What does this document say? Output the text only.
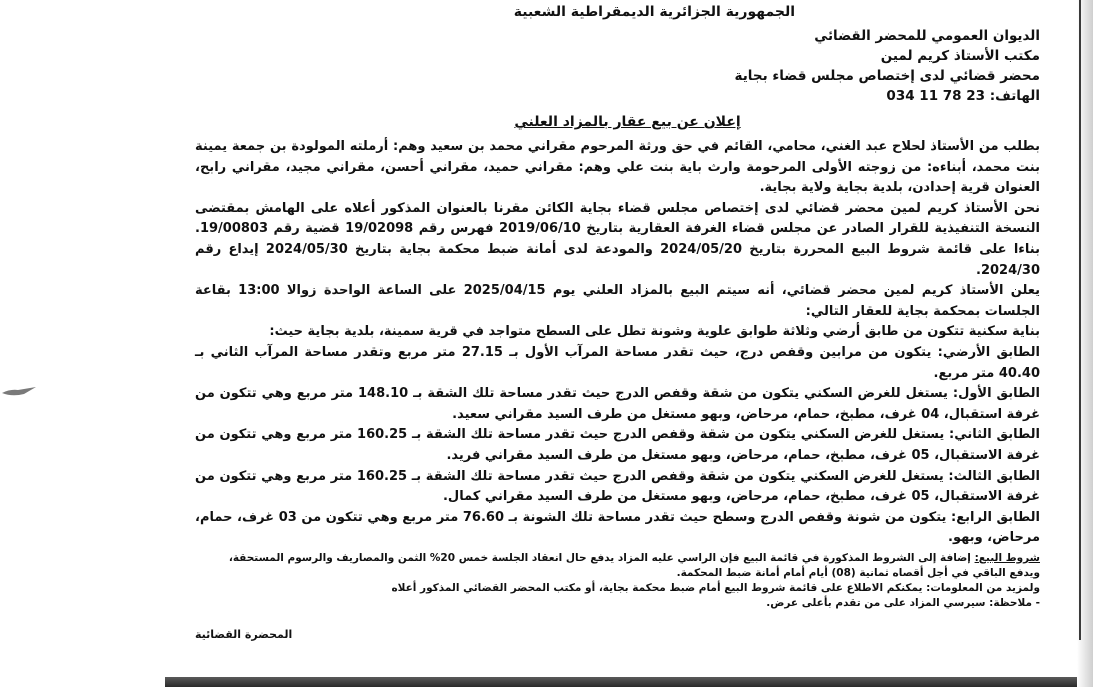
الجمهورية الجزائرية الديمقراطية الشعبية
الديوان العمومي للمحضر القضائي
مكتب الأستاذ كريم لمين
محضر قضائي لدى إختصاص مجلس قضاء بجاية
الهاتف: 034 11 78 23
إعلان عن بيع عقار بالمزاد العلني

بطلب من الأستاذ لحلاح عبد الغني، محامي، القائم في حق ورثة المرحوم مقراني محمد بن سعيد وهم: أرملته المولودة بن جمعة يمينة بنت محمد، أبناءه: من زوجته الأولى المرحومة وارث باية بنت علي وهم: مقراني حميد، مقراني أحسن، مقراني مجيد، مقراني رابح، العنوان قرية إحدادن، بلدية بجاية ولاية بجاية.

نحن الأستاذ كريم لمين محضر قضائي لدى إختصاص مجلس قضاء بجاية الكائن مقرنا بالعنوان المذكور أعلاه على الهامش بمقتضى النسخة التنفيذية للقرار الصادر عن مجلس قضاء الغرفة العقارية بتاريخ 2019/06/10 فهرس رقم 19/02098 قضية رقم 19/00803. بناءا على قائمة شروط البيع المحررة بتاريخ 2024/05/20 والمودعة لدى أمانة ضبط محكمة بجاية بتاريخ 2024/05/30 إيداع رقم 2024/30.

يعلن الأستاذ كريم لمين محضر قضائي، أنه سيتم البيع بالمزاد العلني يوم 2025/04/15 على الساعة الواحدة زوالا 13:00 بقاعة الجلسات بمحكمة بجاية للعقار التالي:

بناية سكنية تتكون من طابق أرضي وثلاثة طوابق علوية وشونة تطل على السطح متواجد في قرية سمينة، بلدية بجاية حيث:

الطابق الأرضي: يتكون من مرابين وقفص درج، حيث تقدر مساحة المرآب الأول بـ 27.15 متر مربع وتقدر مساحة المرآب الثاني بـ 40.40 متر مربع.

الطابق الأول: يستغل للغرض السكني يتكون من شقة وقفص الدرج حيث تقدر مساحة تلك الشقة بـ 148.10 متر مربع وهي تتكون من غرفة استقبال، 04 غرف، مطبخ، حمام، مرحاض، وبهو مستغل من طرف السيد مقراني سعيد.

الطابق الثاني: يستغل للغرض السكني يتكون من شقة وقفص الدرج حيث تقدر مساحة تلك الشقة بـ 160.25 متر مربع وهي تتكون من غرفة الاستقبال، 05 غرف، مطبخ، حمام، مرحاض، وبهو مستغل من طرف السيد مقراني فريد.

الطابق الثالث: يستغل للغرض السكني يتكون من شقة وقفص الدرج حيث تقدر مساحة تلك الشقة بـ 160.25 متر مربع وهي تتكون من غرفة الاستقبال، 05 غرف، مطبخ، حمام، مرحاض، وبهو مستغل من طرف السيد مقراني كمال.

الطابق الرابع: يتكون من شونة وقفص الدرج وسطح حيث تقدر مساحة تلك الشونة بـ 76.60 متر مربع وهي تتكون من 03 غرف، حمام، مرحاض، وبهو.

شروط البيع: إضافة إلى الشروط المذكورة في قائمة البيع فإن الراسي عليه المزاد يدفع حال انعقاد الجلسة خمس 20% الثمن والمصاريف والرسوم المستحقة، ويدفع الباقي في أجل أقصاه ثمانية (08) أيام أمام أمانة ضبط المحكمة.

ولمزيد من المعلومات: يمكنكم الاطلاع على قائمة شروط البيع أمام ضبط محكمة بجاية، أو مكتب المحضر القضائي المذكور أعلاه

- ملاحظة: سيرسي المزاد على من تقدم بأعلى عرض.

المحضرة القضائية
